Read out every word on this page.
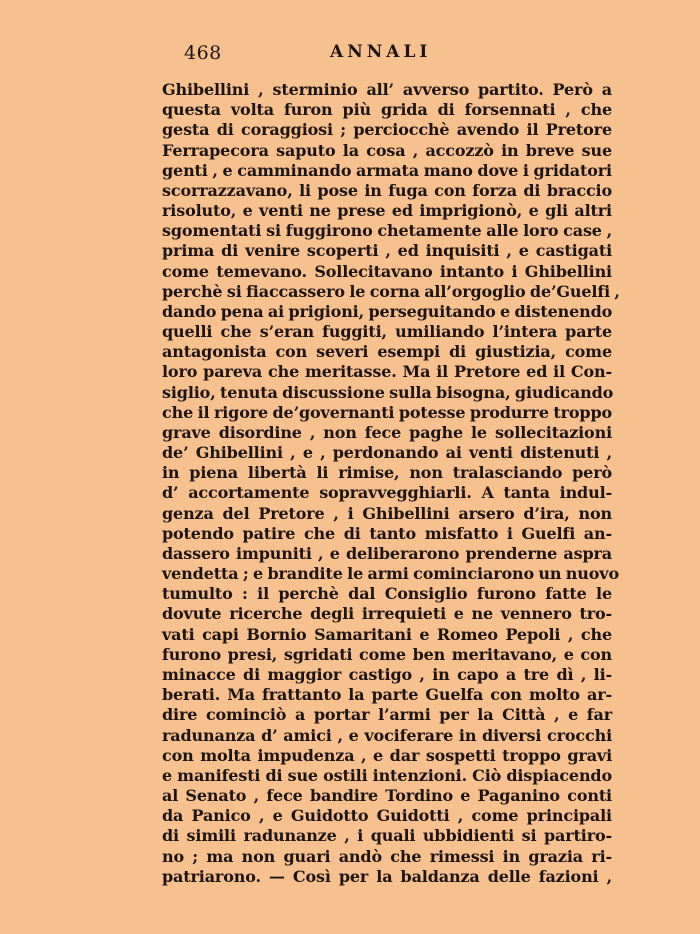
468	ANNALI
Ghibellini , sterminio all’ avverso partito. Però a
questa volta furon più grida di forsennati , che
gesta di coraggiosi ; perciocchè avendo il Pretore
Ferrapecora saputo la cosa , accozzò in breve sue
genti , e camminando armata mano dove i gridatori
scorrazzavano, li pose in fuga con forza di braccio
risoluto, e venti ne prese ed imprigionò, e gli altri
sgomentati si fuggirono chetamente alle loro case ,
prima di venire scoperti , ed inquisiti , e castigati
come temevano. Sollecitavano intanto i Ghibellini
perchè si fiaccassero le corna all’orgoglio de’Guelfi ,
dando pena ai prigioni, perseguitando e distenendo
quelli che s’eran fuggiti, umiliando l’intera parte
antagonista con severi esempi di giustizia, come
loro pareva che meritasse. Ma il Pretore ed il Con-
siglio, tenuta discussione sulla bisogna, giudicando
che il rigore de’governanti potesse produrre troppo
grave disordine , non fece paghe le sollecitazioni
de’ Ghibellini , e , perdonando ai venti distenuti ,
in piena libertà li rimise, non tralasciando però
d’ accortamente sopravvegghiarli. A tanta indul-
genza del Pretore , i Ghibellini arsero d’ira, non
potendo patire che di tanto misfatto i Guelfi an-
dassero impuniti , e deliberarono prenderne aspra
vendetta ; e brandite le armi cominciarono un nuovo
tumulto : il perchè dal Consiglio furono fatte le
dovute ricerche degli irrequieti e ne vennero tro-
vati capi Bornio Samaritani e Romeo Pepoli , che
furono presi, sgridati come ben meritavano, e con
minacce di maggior castigo , in capo a tre dì , li-
berati. Ma frattanto la parte Guelfa con molto ar-
dire cominciò a portar l’armi per la Città , e far
radunanza d’ amici , e vociferare in diversi crocchi
con molta impudenza , e dar sospetti troppo gravi
e manifesti di sue ostili intenzioni. Ciò dispiacendo
al Senato , fece bandire Tordino e Paganino conti
da Panico , e Guidotto Guidotti , come principali
di simili radunanze , i quali ubbidienti si partiro-
no ; ma non guari andò che rimessi in grazia ri-
patriarono. — Così per la baldanza delle fazioni ,
